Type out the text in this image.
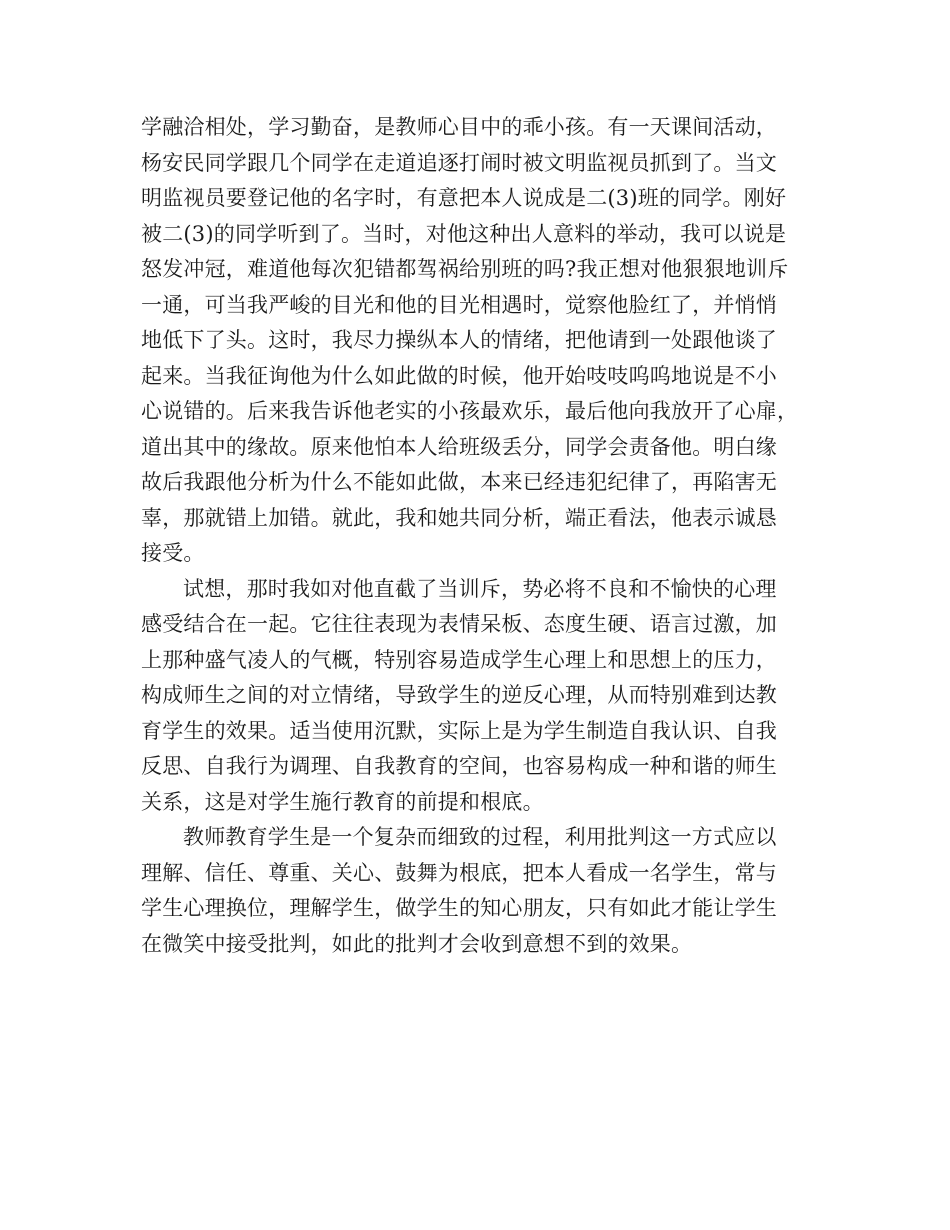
学融洽相处，学习勤奋，是教师心目中的乖小孩。有一天课间活动，
杨安民同学跟几个同学在走道追逐打闹时被文明监视员抓到了。当文
明监视员要登记他的名字时，有意把本人说成是二(3)班的同学。刚好
被二(3)的同学听到了。当时，对他这种出人意料的举动，我可以说是
怒发冲冠，难道他每次犯错都驾祸给别班的吗?我正想对他狠狠地训斥
一通，可当我严峻的目光和他的目光相遇时，觉察他脸红了，并悄悄
地低下了头。这时，我尽力操纵本人的情绪，把他请到一处跟他谈了
起来。当我征询他为什么如此做的时候，他开始吱吱呜呜地说是不小
心说错的。后来我告诉他老实的小孩最欢乐，最后他向我放开了心扉，
道出其中的缘故。原来他怕本人给班级丢分，同学会责备他。明白缘
故后我跟他分析为什么不能如此做，本来已经违犯纪律了，再陷害无
辜，那就错上加错。就此，我和她共同分析，端正看法，他表示诚恳
接受。
试想，那时我如对他直截了当训斥，势必将不良和不愉快的心理
感受结合在一起。它往往表现为表情呆板、态度生硬、语言过激，加
上那种盛气凌人的气概，特别容易造成学生心理上和思想上的压力，
构成师生之间的对立情绪，导致学生的逆反心理，从而特别难到达教
育学生的效果。适当使用沉默，实际上是为学生制造自我认识、自我
反思、自我行为调理、自我教育的空间，也容易构成一种和谐的师生
关系，这是对学生施行教育的前提和根底。
教师教育学生是一个复杂而细致的过程，利用批判这一方式应以
理解、信任、尊重、关心、鼓舞为根底，把本人看成一名学生，常与
学生心理换位，理解学生，做学生的知心朋友，只有如此才能让学生
在微笑中接受批判，如此的批判才会收到意想不到的效果。
